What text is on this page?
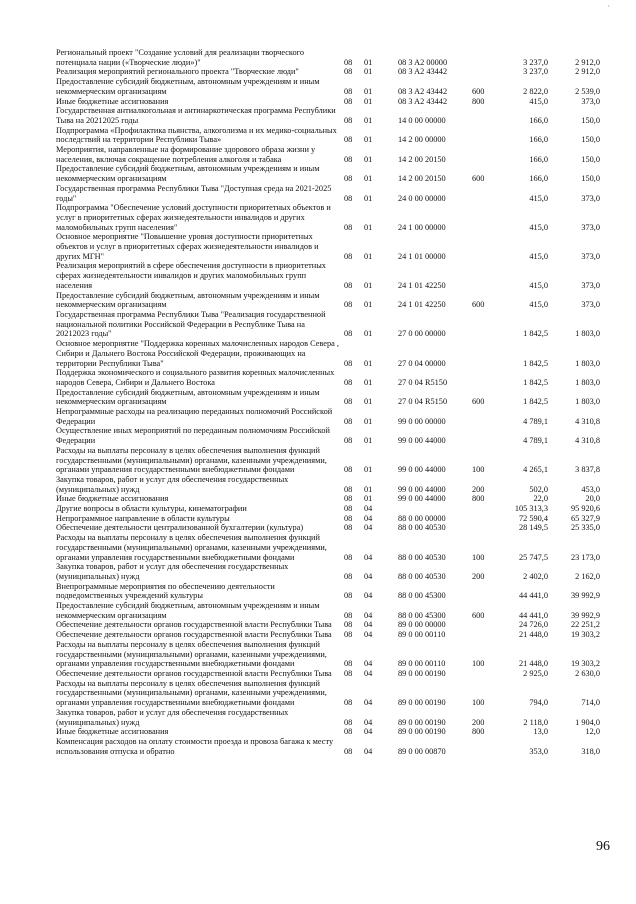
·
Региональный проект "Создание условий для реализации творческого потенциала нации («Творческие люди»)"	08	01	08 3 A2 00000		3 237,0	2 912,0
Реализация мероприятий регионального проекта "Творческие люди"	08	01	08 3 A2 43442		3 237,0	2 912,0
Предоставление субсидий бюджетным, автономным учреждениям и иным некоммерческим организациям	08	01	08 3 A2 43442	600	2 822,0	2 539,0
Иные бюджетные ассигнования	08	01	08 3 A2 43442	800	415,0	373,0
Государственная антиалкогольная и антинаркотическая программа Республики Тыва на 20212025 годы	08	01	14 0 00 00000		166,0	150,0
Подпрограмма «Профилактика пьянства, алкоголизма и их медико-социальных последствий на территории Республики Тыва»	08	01	14 2 00 00000		166,0	150,0
Мероприятия, направленные на формирование здорового образа жизни у населения, включая сокращение потребления алкоголя и табака	08	01	14 2 00 20150		166,0	150,0
Предоставление субсидий бюджетным, автономным учреждениям и иным некоммерческим организациям	08	01	14 2 00 20150	600	166,0	150,0
Государственная программа Республики Тыва "Доступная среда на 2021-2025 годы"	08	01	24 0 00 00000		415,0	373,0
Подпрограмма "Обеспечение условий доступности приоритетных объектов и услуг в приоритетных сферах жизнедеятельности инвалидов и других маломобильных групп населения"	08	01	24 1 00 00000		415,0	373,0
Основное мероприятие "Повышение уровня доступности приоритетных объектов и услуг в приоритетных сферах жизнедеятельности инвалидов и других МГН"	08	01	24 1 01 00000		415,0	373,0
Реализация мероприятий в сфере обеспечения доступности в приоритетных сферах жизнедеятельности инвалидов и других маломобильных групп населения	08	01	24 1 01 42250		415,0	373,0
Предоставление субсидий бюджетным, автономным учреждениям и иным некоммерческим организациям	08	01	24 1 01 42250	600	415,0	373,0
Государственная программа Республики Тыва "Реализация государственной национальной политики Российской Федерации в Республике Тыва на 20212023 годы"	08	01	27 0 00 00000		1 842,5	1 803,0
Основное мероприятие "Поддержка коренных малочисленных народов Севера , Сибири и Дальнего Востока Российской Федерации, проживающих на территории Республики Тыва"	08	01	27 0 04 00000		1 842,5	1 803,0
Поддержка экономического и социального развития коренных малочисленных народов Севера, Сибири и Дальнего Востока	08	01	27 0 04 R5150		1 842,5	1 803,0
Предоставление субсидий бюджетным, автономным учреждениям и иным некоммерческим организациям	08	01	27 0 04 R5150	600	1 842,5	1 803,0
Непрограммные расходы на реализацию переданных полномочий Российской Федерации	08	01	99 0 00 00000		4 789,1	4 310,8
Осуществление иных мероприятий по переданным полномочиям Российской Федерации	08	01	99 0 00 44000		4 789,1	4 310,8
Расходы на выплаты персоналу в целях обеспечения выполнения функций государственными (муниципальными) органами, казенными учреждениями, органами управления государственными внебюджетными фондами	08	01	99 0 00 44000	100	4 265,1	3 837,8
Закупка товаров, работ и услуг для обеспечения государственных (муниципальных) нужд	08	01	99 0 00 44000	200	502,0	453,0
Иные бюджетные ассигнования	08	01	99 0 00 44000	800	22,0	20,0
Другие вопросы в области культуры, кинематографии	08	04			105 313,3	95 920,6
Непрограммное направление в области культуры	08	04	88 0 00 00000		72 590,4	65 327,9
Обеспечение деятельности централизованной бухгалтерии (культура)	08	04	88 0 00 40530		28 149,5	25 335,0
Расходы на выплаты персоналу в целях обеспечения выполнения функций государственными (муниципальными) органами, казенными учреждениями, органами управления государственными внебюджетными фондами	08	04	88 0 00 40530	100	25 747,5	23 173,0
Закупка товаров, работ и услуг для обеспечения государственных (муниципальных) нужд	08	04	88 0 00 40530	200	2 402,0	2 162,0
Внепрограммные мероприятия по обеспечению деятельности подведомственных учреждений культуры	08	04	88 0 00 45300		44 441,0	39 992,9
Предоставление субсидий бюджетным, автономным учреждениям и иным некоммерческим организациям	08	04	88 0 00 45300	600	44 441,0	39 992,9
Обеспечение деятельности органов государственной власти Республики Тыва	08	04	89 0 00 00000		24 726,0	22 251,2
Обеспечение деятельности органов государственной власти Республики Тыва	08	04	89 0 00 00110		21 448,0	19 303,2
Расходы на выплаты персоналу в целях обеспечения выполнения функций государственными (муниципальными) органами, казенными учреждениями, органами управления государственными внебюджетными фондами	08	04	89 0 00 00110	100	21 448,0	19 303,2
Обеспечение деятельности органов государственной власти Республики Тыва	08	04	89 0 00 00190		2 925,0	2 630,0
Расходы на выплаты персоналу в целях обеспечения выполнения функций государственными (муниципальными) органами, казенными учреждениями, органами управления государственными внебюджетными фондами	08	04	89 0 00 00190	100	794,0	714,0
Закупка товаров, работ и услуг для обеспечения государственных (муниципальных) нужд	08	04	89 0 00 00190	200	2 118,0	1 904,0
Иные бюджетные ассигнования	08	04	89 0 00 00190	800	13,0	12,0
Компенсация расходов на оплату стоимости проезда и провоза багажа к месту использования отпуска и обратно	08	04	89 0 00 00870		353,0	318,0
96
